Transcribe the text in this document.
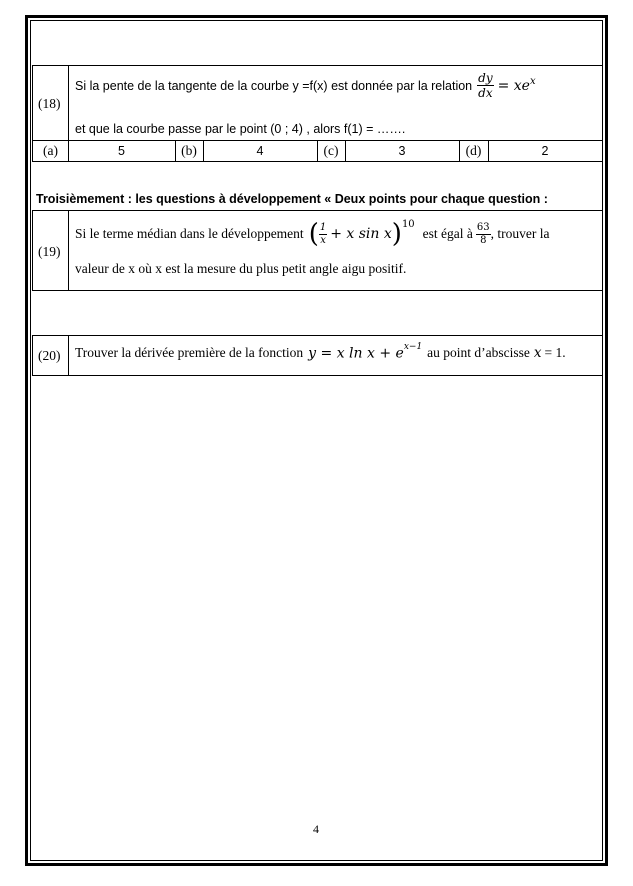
(18)
Si la pente de la tangente de la courbe y =f(x) est donnée par la relation $\frac{dy}{dx} = xe^x$
et que la courbe passe par le point (0 ; 4) , alors f(1) = …….
(a)	5	(b)	4	(c)	3	(d)	2
Troisièmement : les questions à développement « Deux points pour chaque question :
(19)
Si le terme médian dans le développement ( $\frac{1}{x} + x$ sin x )$^{10}$
est égal à $\frac{63}{8}$ , trouver la
valeur de x où x est la mesure du plus petit angle aigu positif.
(20) Trouver la dérivée première de la fonction y = x $\ln x + e^{x-1}$ au point d’abscisse x = 1.
4
